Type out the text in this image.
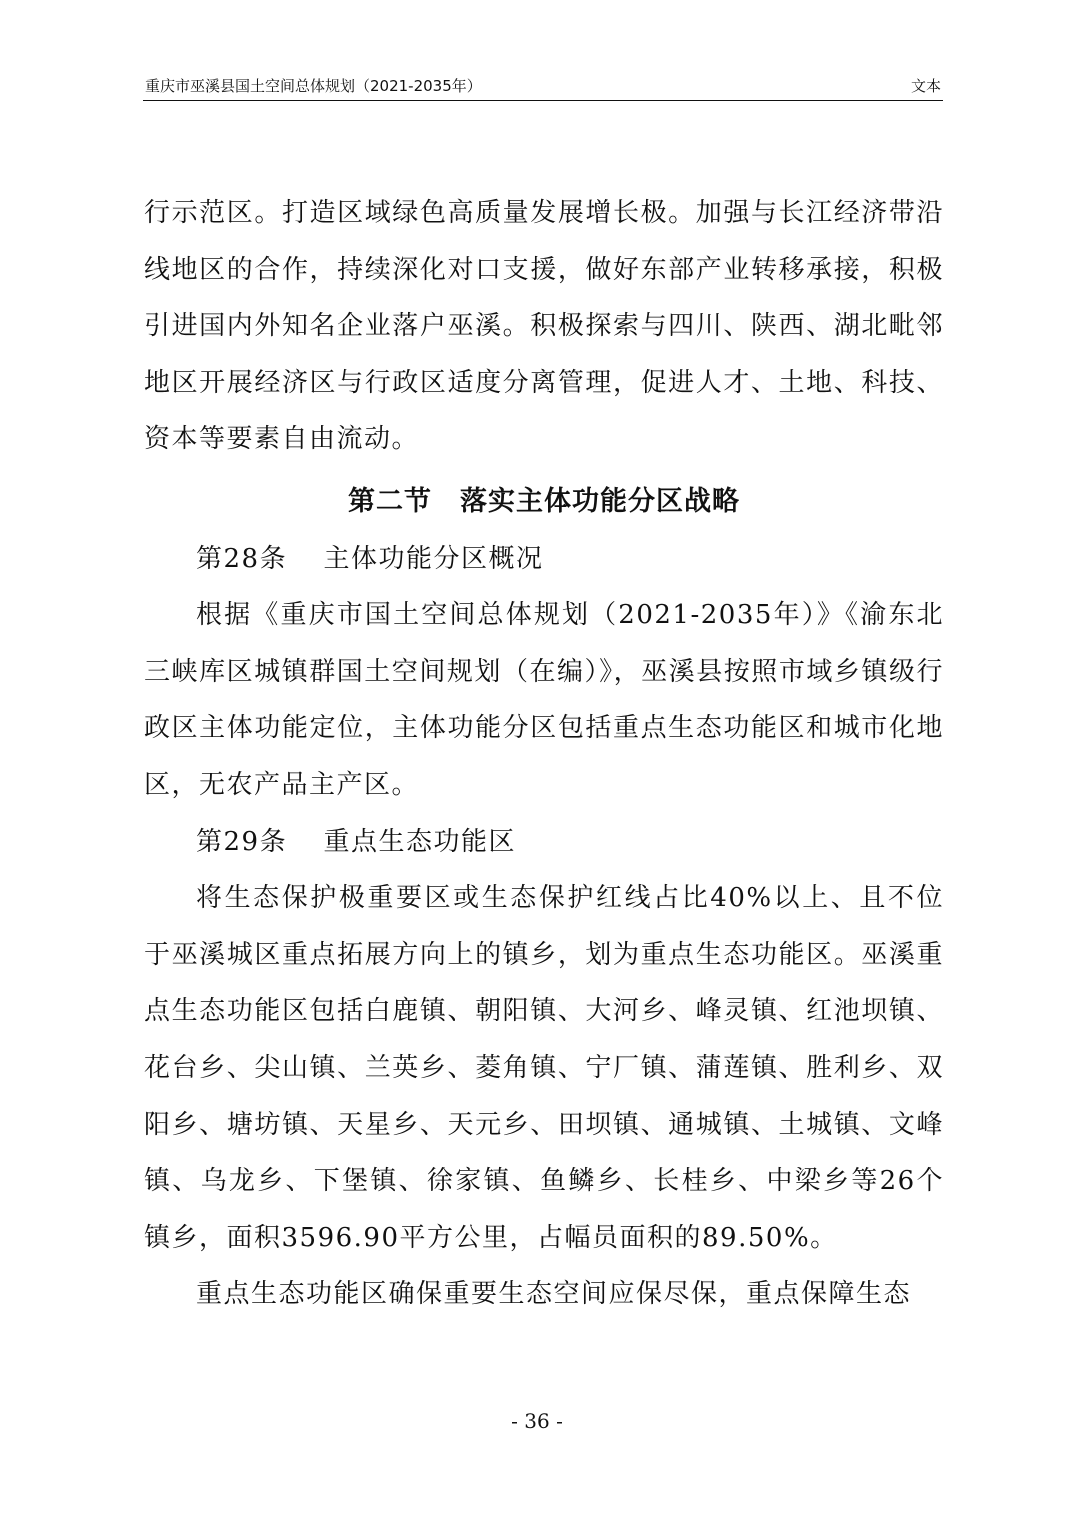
重庆市巫溪县国土空间总体规划（2021-2035年）	文本

行示范区。打造区域绿色高质量发展增长极。加强与长江经济带沿线地区的合作，持续深化对口支援，做好东部产业转移承接，积极引进国内外知名企业落户巫溪。积极探索与四川、陕西、湖北毗邻地区开展经济区与行政区适度分离管理，促进人才、土地、科技、资本等要素自由流动。

第二节　落实主体功能分区战略

第28条 主体功能分区概况

根据《重庆市国土空间总体规划（2021-2035年）》《渝东北三峡库区城镇群国土空间规划（在编）》，巫溪县按照市域乡镇级行政区主体功能定位，主体功能分区包括重点生态功能区和城市化地区，无农产品主产区。

第29条 重点生态功能区

将生态保护极重要区或生态保护红线占比40%以上、且不位于巫溪城区重点拓展方向上的镇乡，划为重点生态功能区。巫溪重点生态功能区包括白鹿镇、朝阳镇、大河乡、峰灵镇、红池坝镇、花台乡、尖山镇、兰英乡、菱角镇、宁厂镇、蒲莲镇、胜利乡、双阳乡、塘坊镇、天星乡、天元乡、田坝镇、通城镇、土城镇、文峰镇、乌龙乡、下堡镇、徐家镇、鱼鳞乡、长桂乡、中梁乡等26个镇乡，面积3596.90平方公里，占幅员面积的89.50%。

重点生态功能区确保重要生态空间应保尽保，重点保障生态

- 36 -
